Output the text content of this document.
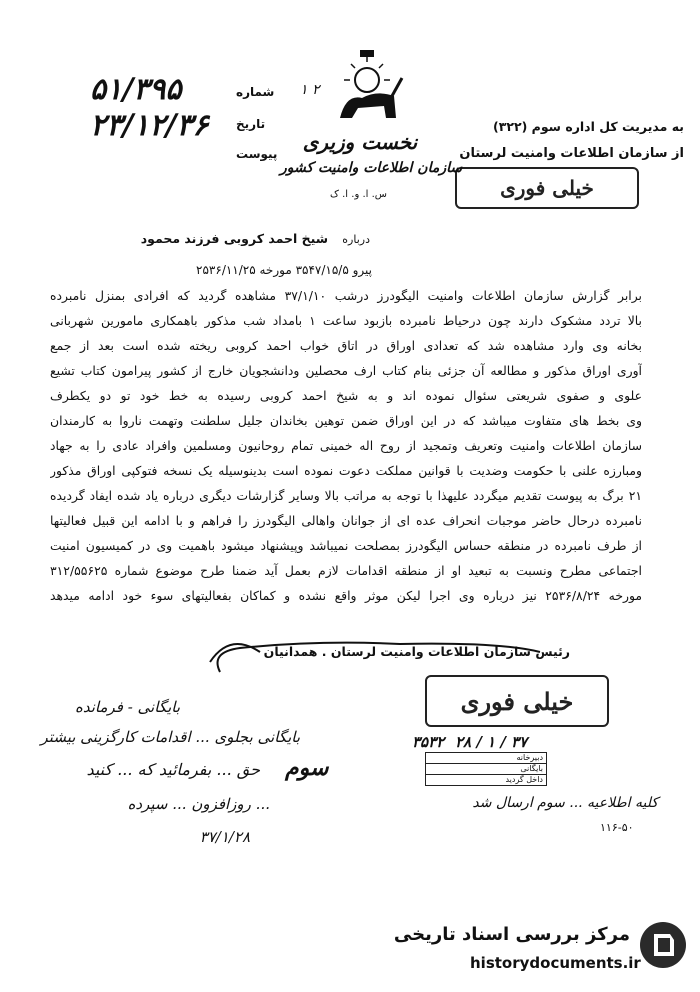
به مدیریت کل اداره سوم (۳۲۲)
از سازمان اطلاعات وامنیت لرستان
خیلی فوری
نخست وزیری
سازمان اطلاعات وامنیت کشور
س. ا. و. ا. ک
۱ ۲
شماره
تاریخ
پیوست
۵۱/۳۹۵
۲۳/۱۲/۳۶
درباره
شیخ احمد کروبی فرزند محمود
پیرو ۳۵۴۷/۱۵/۵ مورخه ۲۵۳۶/۱۱/۲۵
برابر گزارش سازمان اطلاعات وامنیت الیگودرز درشب ۳۷/۱/۱۰ مشاهده گردید که افرادی بمنزل نامبرده
بالا تردد مشکوک دارند چون درحیاط نامبرده بازبود ساعت ۱ بامداد شب مذکور باهمکاری مامورین شهربانی
بخانه وی وارد مشاهده شد که تعدادی اوراق در اتاق خواب احمد کروبی ریخته شده است بعد از جمع
آوری اوراق مذکور و مطالعه آن جزئی بنام کتاب ارف محصلین ودانشجویان خارج از کشور پیرامون کتاب تشیع
علوی و صفوی شریعتی سئوال نموده اند و به شیخ احمد کروبی رسیده به خط خود تو دو یکطرف
وی بخط های متفاوت میباشد که در این اوراق ضمن توهین بخاندان جلیل سلطنت وتهمت ناروا به کارمندان
سازمان اطلاعات وامنیت وتعریف وتمجید از روح اله خمینی تمام روحانیون ومسلمین وافراد عادی را به جهاد
ومبارزه علنی با حکومت وضدیت با قوانین مملکت دعوت نموده است بدینوسیله یک نسخه فتوکپی اوراق مذکور
۲۱ برگ به پیوست تقدیم میگردد علیهذا با توجه به مراتب بالا وسایر گزارشات دیگری درباره یاد شده ایفاد گردیده
نامبرده درحال حاضر موجبات انحراف عده ای از جوانان واهالی الیگودرز را فراهم و با ادامه این قبیل فعالیتها
از طرف نامبرده در منطقه حساس الیگودرز بمصلحت نمیباشد وپیشنهاد میشود باهمیت وی در کمیسیون امنیت
اجتماعی مطرح ونسبت به تبعید او از منطقه اقدامات لازم بعمل آید ضمنا طرح موضوع شماره ۳۱۲/۵۵۶۲۵
مورخه ۲۵۳۶/۸/۲۴ نیز درباره وی اجرا لیکن موثر واقع نشده و کماکان بفعالیتهای سوء خود ادامه میدهد
رئیس سازمان اطلاعات وامنیت لرستان . همدانیان
خیلی فوری
۳۵۳۲ ۲۸ / ۱ / ۳۷
دبیرخانه
بایگانی
داخل گردید
سوم
بایگانی - فرمانده
بایگانی بجلوی ... اقدامات کارگزینی بیشتر
حق ... بفرمائید که ... کنید
... روزافزون ... سپرده
۳۷/۱/۲۸
کلیه اطلاعیه ... سوم ارسال شد
۱۱۶-۵۰
مرکز بررسی اسناد تاریخی
historydocuments.ir
